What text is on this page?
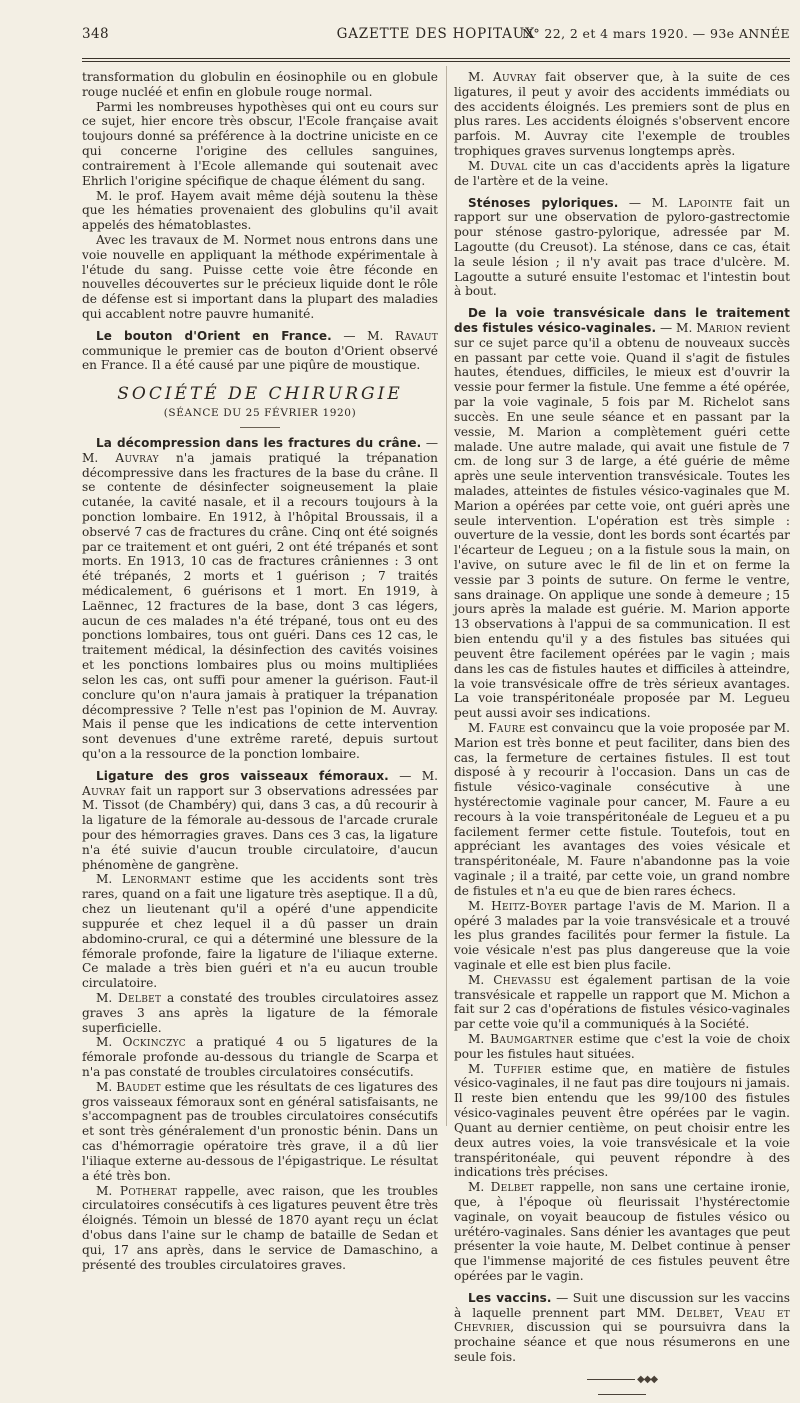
348	GAZETTE DES HOPITAUX
N° 22, 2 et 4 mars 1920. — 93e ANNÉE

transformation du globulin en éosinophile ou en globule rouge nucléé et enfin en globule rouge normal.

Parmi les nombreuses hypothèses qui ont eu cours sur ce sujet, hier encore très obscur, l'Ecole française avait toujours donné sa préférence à la doctrine uniciste en ce qui concerne l'origine des cellules sanguines, contrairement à l'Ecole allemande qui soutenait avec Ehrlich l'origine spécifique de chaque élément du sang.

M. le prof. Hayem avait même déjà soutenu la thèse que les hématies provenaient des globulins qu'il avait appelés des hématoblastes.

Avec les travaux de M. Normet nous entrons dans une voie nouvelle en appliquant la méthode expérimentale à l'étude du sang. Puisse cette voie être féconde en nouvelles découvertes sur le précieux liquide dont le rôle de défense est si important dans la plupart des maladies qui accablent notre pauvre humanité.

Le bouton d'Orient en France. — M. Ravaut communique le premier cas de bouton d'Orient observé en France. Il a été causé par une piqûre de moustique.

SOCIÉTÉ DE CHIRURGIE
(SÉANCE DU 25 FÉVRIER 1920)

La décompression dans les fractures du crâne. — M. Auvray n'a jamais pratiqué la trépanation décompressive dans les fractures de la base du crâne. Il se contente de désinfecter soigneusement la plaie cutanée, la cavité nasale, et il a recours toujours à la ponction lombaire. En 1912, à l'hôpital Broussais, il a observé 7 cas de fractures du crâne. Cinq ont été soignés par ce traitement et ont guéri, 2 ont été trépanés et sont morts. En 1913, 10 cas de fractures crâniennes : 3 ont été trépanés, 2 morts et 1 guérison ; 7 traités médicalement, 6 guérisons et 1 mort. En 1919, à Laënnec, 12 fractures de la base, dont 3 cas légers, aucun de ces malades n'a été trépané, tous ont eu des ponctions lombaires, tous ont guéri. Dans ces 12 cas, le traitement médical, la désinfection des cavités voisines et les ponctions lombaires plus ou moins multipliées selon les cas, ont suffi pour amener la guérison. Faut-il conclure qu'on n'aura jamais à pratiquer la trépanation décompressive ? Telle n'est pas l'opinion de M. Auvray. Mais il pense que les indications de cette intervention sont devenues d'une extrême rareté, depuis surtout qu'on a la ressource de la ponction lombaire.

Ligature des gros vaisseaux fémoraux. — M. Auvray fait un rapport sur 3 observations adressées par M. Tissot (de Chambéry) qui, dans 3 cas, a dû recourir à la ligature de la fémorale au-dessous de l'arcade crurale pour des hémorragies graves. Dans ces 3 cas, la ligature n'a été suivie d'aucun trouble circulatoire, d'aucun phénomène de gangrène.

M. Lenormant estime que les accidents sont très rares, quand on a fait une ligature très aseptique. Il a dû, chez un lieutenant qu'il a opéré d'une appendicite suppurée et chez lequel il a dû passer un drain abdomino-crural, ce qui a déterminé une blessure de la fémorale profonde, faire la ligature de l'iliaque externe. Ce malade a très bien guéri et n'a eu aucun trouble circulatoire.

M. Delbet a constaté des troubles circulatoires assez graves 3 ans après la ligature de la fémorale superficielle.

M. Ockinczyc a pratiqué 4 ou 5 ligatures de la fémorale profonde au-dessous du triangle de Scarpa et n'a pas constaté de troubles circulatoires consécutifs.

M. Baudet estime que les résultats de ces ligatures des gros vaisseaux fémoraux sont en général satisfaisants, ne s'accompagnent pas de troubles circulatoires consécutifs et sont très généralement d'un pronostic bénin. Dans un cas d'hémorragie opératoire très grave, il a dû lier l'iliaque externe au-dessous de l'épigastrique. Le résultat a été très bon.

M. Potherat rappelle, avec raison, que les troubles circulatoires consécutifs à ces ligatures peuvent être très éloignés. Témoin un blessé de 1870 ayant reçu un éclat d'obus dans l'aine sur le champ de bataille de Sedan et qui, 17 ans après, dans le service de Damaschino, a présenté des troubles circulatoires graves.

M. Auvray fait observer que, à la suite de ces ligatures, il peut y avoir des accidents immédiats ou des accidents éloignés. Les premiers sont de plus en plus rares. Les accidents éloignés s'observent encore parfois. M. Auvray cite l'exemple de troubles trophiques graves survenus longtemps après.

M. Duval cite un cas d'accidents après la ligature de l'artère et de la veine.

Sténoses pyloriques. — M. Lapointe fait un rapport sur une observation de pyloro-gastrectomie pour sténose gastro-pylorique, adressée par M. Lagoutte (du Creusot). La sténose, dans ce cas, était la seule lésion ; il n'y avait pas trace d'ulcère. M. Lagoutte a suturé ensuite l'estomac et l'intestin bout à bout.

De la voie transvésicale dans le traitement des fistules vésico-vaginales. — M. Marion revient sur ce sujet parce qu'il a obtenu de nouveaux succès en passant par cette voie. Quand il s'agit de fistules hautes, étendues, difficiles, le mieux est d'ouvrir la vessie pour fermer la fistule. Une femme a été opérée, par la voie vaginale, 5 fois par M. Richelot sans succès. En une seule séance et en passant par la vessie, M. Marion a complètement guéri cette malade. Une autre malade, qui avait une fistule de 7 cm. de long sur 3 de large, a été guérie de même après une seule intervention transvésicale. Toutes les malades, atteintes de fistules vésico-vaginales que M. Marion a opérées par cette voie, ont guéri après une seule intervention. L'opération est très simple : ouverture de la vessie, dont les bords sont écartés par l'écarteur de Legueu ; on a la fistule sous la main, on l'avive, on suture avec le fil de lin et on ferme la vessie par 3 points de suture. On ferme le ventre, sans drainage. On applique une sonde à demeure ; 15 jours après la malade est guérie. M. Marion apporte 13 observations à l'appui de sa communication. Il est bien entendu qu'il y a des fistules bas situées qui peuvent être facilement opérées par le vagin ; mais dans les cas de fistules hautes et difficiles à atteindre, la voie transvésicale offre de très sérieux avantages. La voie transpéritonéale proposée par M. Legueu peut aussi avoir ses indications.

M. Faure est convaincu que la voie proposée par M. Marion est très bonne et peut faciliter, dans bien des cas, la fermeture de certaines fistules. Il est tout disposé à y recourir à l'occasion. Dans un cas de fistule vésico-vaginale consécutive à une hystérectomie vaginale pour cancer, M. Faure a eu recours à la voie transpéritonéale de Legueu et a pu facilement fermer cette fistule. Toutefois, tout en appréciant les avantages des voies vésicale et transpéritonéale, M. Faure n'abandonne pas la voie vaginale ; il a traité, par cette voie, un grand nombre de fistules et n'a eu que de bien rares échecs.

M. Heitz-Boyer partage l'avis de M. Marion. Il a opéré 3 malades par la voie transvésicale et a trouvé les plus grandes facilités pour fermer la fistule. La voie vésicale n'est pas plus dangereuse que la voie vaginale et elle est bien plus facile.

M. Chevassu est également partisan de la voie transvésicale et rappelle un rapport que M. Michon a fait sur 2 cas d'opérations de fistules vésico-vaginales par cette voie qu'il a communiqués à la Société.

M. Baumgartner estime que c'est la voie de choix pour les fistules haut situées.

M. Tuffier estime que, en matière de fistules vésico-vaginales, il ne faut pas dire toujours ni jamais. Il reste bien entendu que les 99/100 des fistules vésico-vaginales peuvent être opérées par le vagin. Quant au dernier centième, on peut choisir entre les deux autres voies, la voie transvésicale et la voie transpéritonéale, qui peuvent répondre à des indications très précises.

M. Delbet rappelle, non sans une certaine ironie, que, à l'époque où fleurissait l'hystérectomie vaginale, on voyait beaucoup de fistules vésico ou urétéro-vaginales. Sans dénier les avantages que peut présenter la voie haute, M. Delbet continue à penser que l'immense majorité de ces fistules peuvent être opérées par le vagin.

Les vaccins. — Suit une discussion sur les vaccins à laquelle prennent part MM. Delbet, Veau et Chevrier, discussion qui se poursuivra dans la prochaine séance et que nous résumerons en une seule fois.

◆◆◆
